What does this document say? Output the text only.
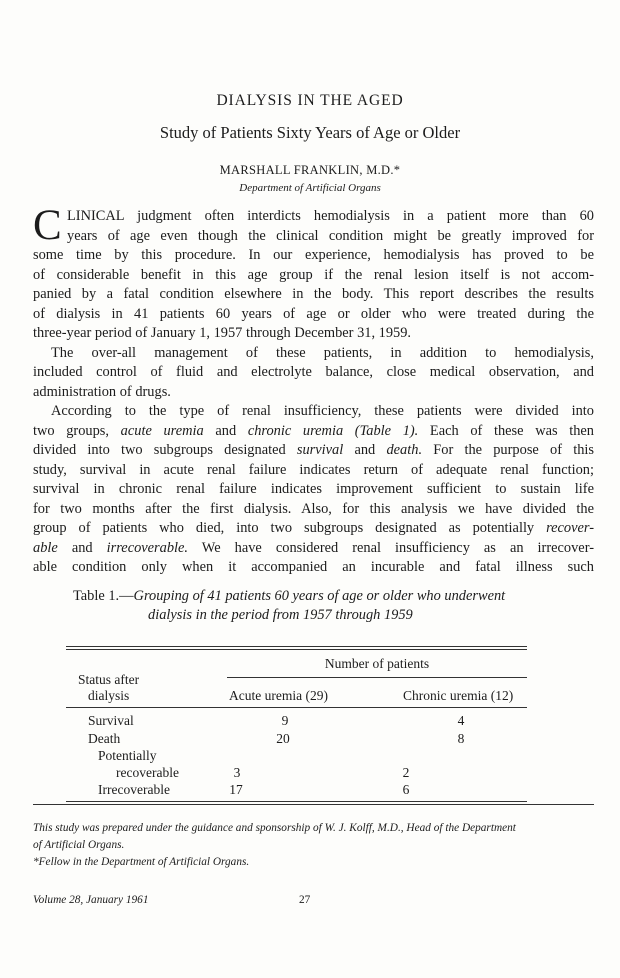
DIALYSIS IN THE AGED
Study of Patients Sixty Years of Age or Older
MARSHALL FRANKLIN, M.D.*
Department of Artificial Organs
C LINICAL judgment often interdicts hemodialysis in a patient more than 60
years of age even though the clinical condition might be greatly improved for
some time by this procedure. In our experience, hemodialysis has proved to be
of considerable benefit in this age group if the renal lesion itself is not accom-
panied by a fatal condition elsewhere in the body. This report describes the results
of dialysis in 41 patients 60 years of age or older who were treated during the
three-year period of January 1, 1957 through December 31, 1959.
The over-all management of these patients, in addition to hemodialysis,
included control of fluid and electrolyte balance, close medical observation, and
administration of drugs.
According to the type of renal insufficiency, these patients were divided into
two groups, acute uremia and chronic uremia (Table 1). Each of these was then
divided into two subgroups designated survival and death. For the purpose of this
study, survival in acute renal failure indicates return of adequate renal function;
survival in chronic renal failure indicates improvement sufficient to sustain life
for two months after the first dialysis. Also, for this analysis we have divided the
group of patients who died, into two subgroups designated as potentially recover-
able and irrecoverable. We have considered renal insufficiency as an irrecover-
able condition only when it accompanied an incurable and fatal illness such
Table 1.—Grouping of 41 patients 60 years of age or older who underwent
dialysis in the period from 1957 through 1959
Number of patients
Status after
dialysis	Acute uremia (29)	Chronic uremia (12)
Survival	9	4
Death	20	8
Potentially
recoverable	3	2
Irrecoverable	17	6
This study was prepared under the guidance and sponsorship of W. J. Kolff, M.D., Head of the Department
of Artificial Organs.
*Fellow in the Department of Artificial Organs.
Volume 28, January 1961	27
